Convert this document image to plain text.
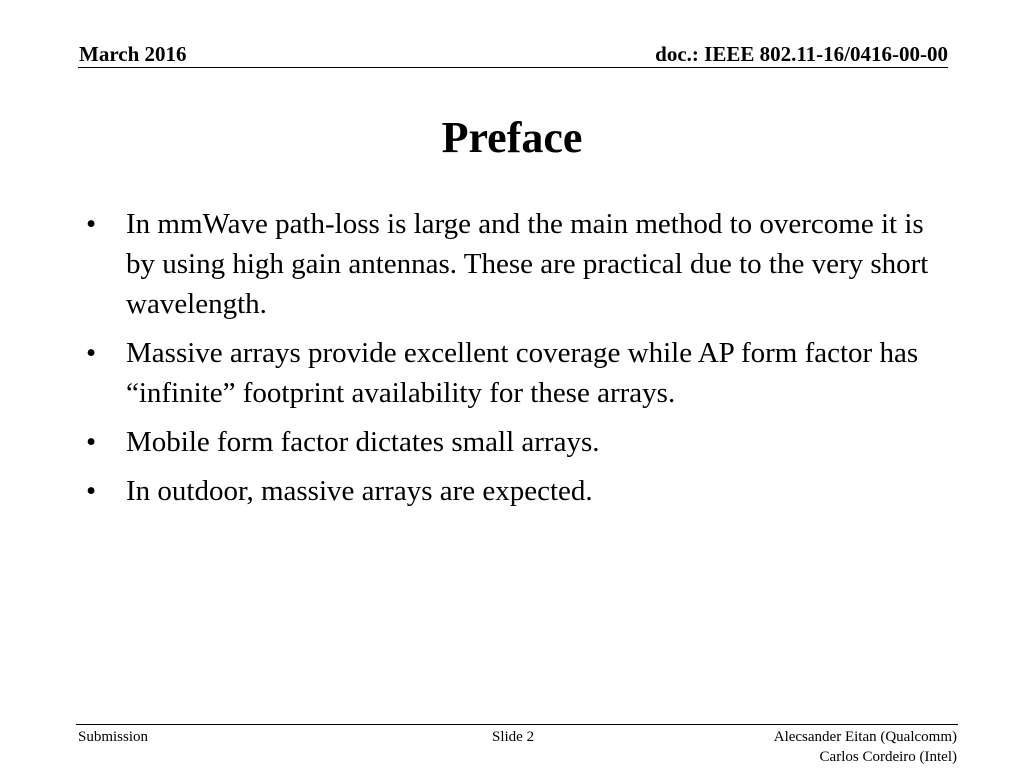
March 2016	doc.: IEEE 802.11-16/0416-00-00
Preface
• In mmWave path-loss is large and the main method to overcome it is by using high gain antennas. These are practical due to the very short wavelength.
• Massive arrays provide excellent coverage while AP form factor has “infinite” footprint availability for these arrays.
• Mobile form factor dictates small arrays.
• In outdoor, massive arrays are expected.
Submission	Slide 2	Alecsander Eitan (Qualcomm)
Carlos Cordeiro (Intel)
